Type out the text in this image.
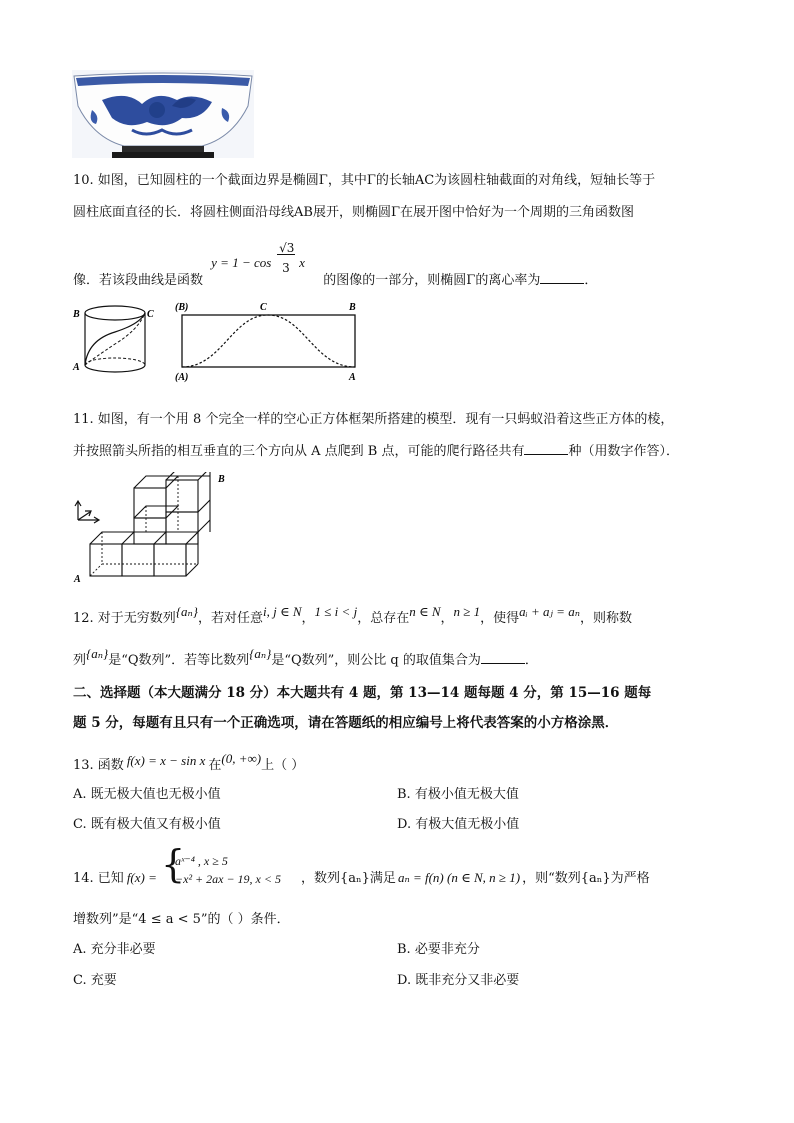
10. 如图，已知圆柱的一个截面边界是椭圆Γ，其中Γ的长轴AC为该圆柱轴截面的对角线，短轴长等于
圆柱底面直径的长．将圆柱侧面沿母线AB展开，则椭圆Γ在展开图中恰好为一个周期的三角函数图
像．若该段曲线是函数
y = 1 − cos
√3
3 x
的图像的一部分，则椭圆Γ的离心率为	．
B	C
A
(B)	C	B
(A)	A
11. 如图，有一个用 8 个完全一样的空心正方体框架所搭建的模型．现有一只蚂蚁沿着这些正方体的棱，
并按照箭头所指的相互垂直的三个方向从 A 点爬到 B 点，可能的爬行路径共有	种（用数字作答）．
A
B
12. 对于无穷数列{aₙ}，若对任意i, j ∈ N，1 ≤ i < j，总存在n ∈ N，n ≥ 1，使得aᵢ + aⱼ = aₙ，则称数
列{aₙ}是“Q数列”．若等比数列{aₙ}是“Q数列”，则公比 q 的取值集合为	．
二、选择题（本大题满分 18 分）本大题共有 4 题，第 13—14 题每题 4 分，第 15—16 题每
题 5 分，每题有且只有一个正确选项，请在答题纸的相应编号上将代表答案的小方格涂黑．
13. 函数 f(x) = x − sin x 在(0, +∞)上（ ）
A. 既无极大值也无极小值	B. 有极小值无极大值
C. 既有极大值又有极小值	D. 有极大值无极小值
14. 已知 f(x) = {
aˣ⁻⁴ , x ≥ 5
−x² + 2ax − 19, x < 5 ，数列{aₙ}满足 aₙ = f(n) (n ∈ N, n ≥ 1) ，则“数列{aₙ}为严格
增数列”是“4 ≤ a < 5”的（ ）条件．
A. 充分非必要	B. 必要非充分
C. 充要	D. 既非充分又非必要
